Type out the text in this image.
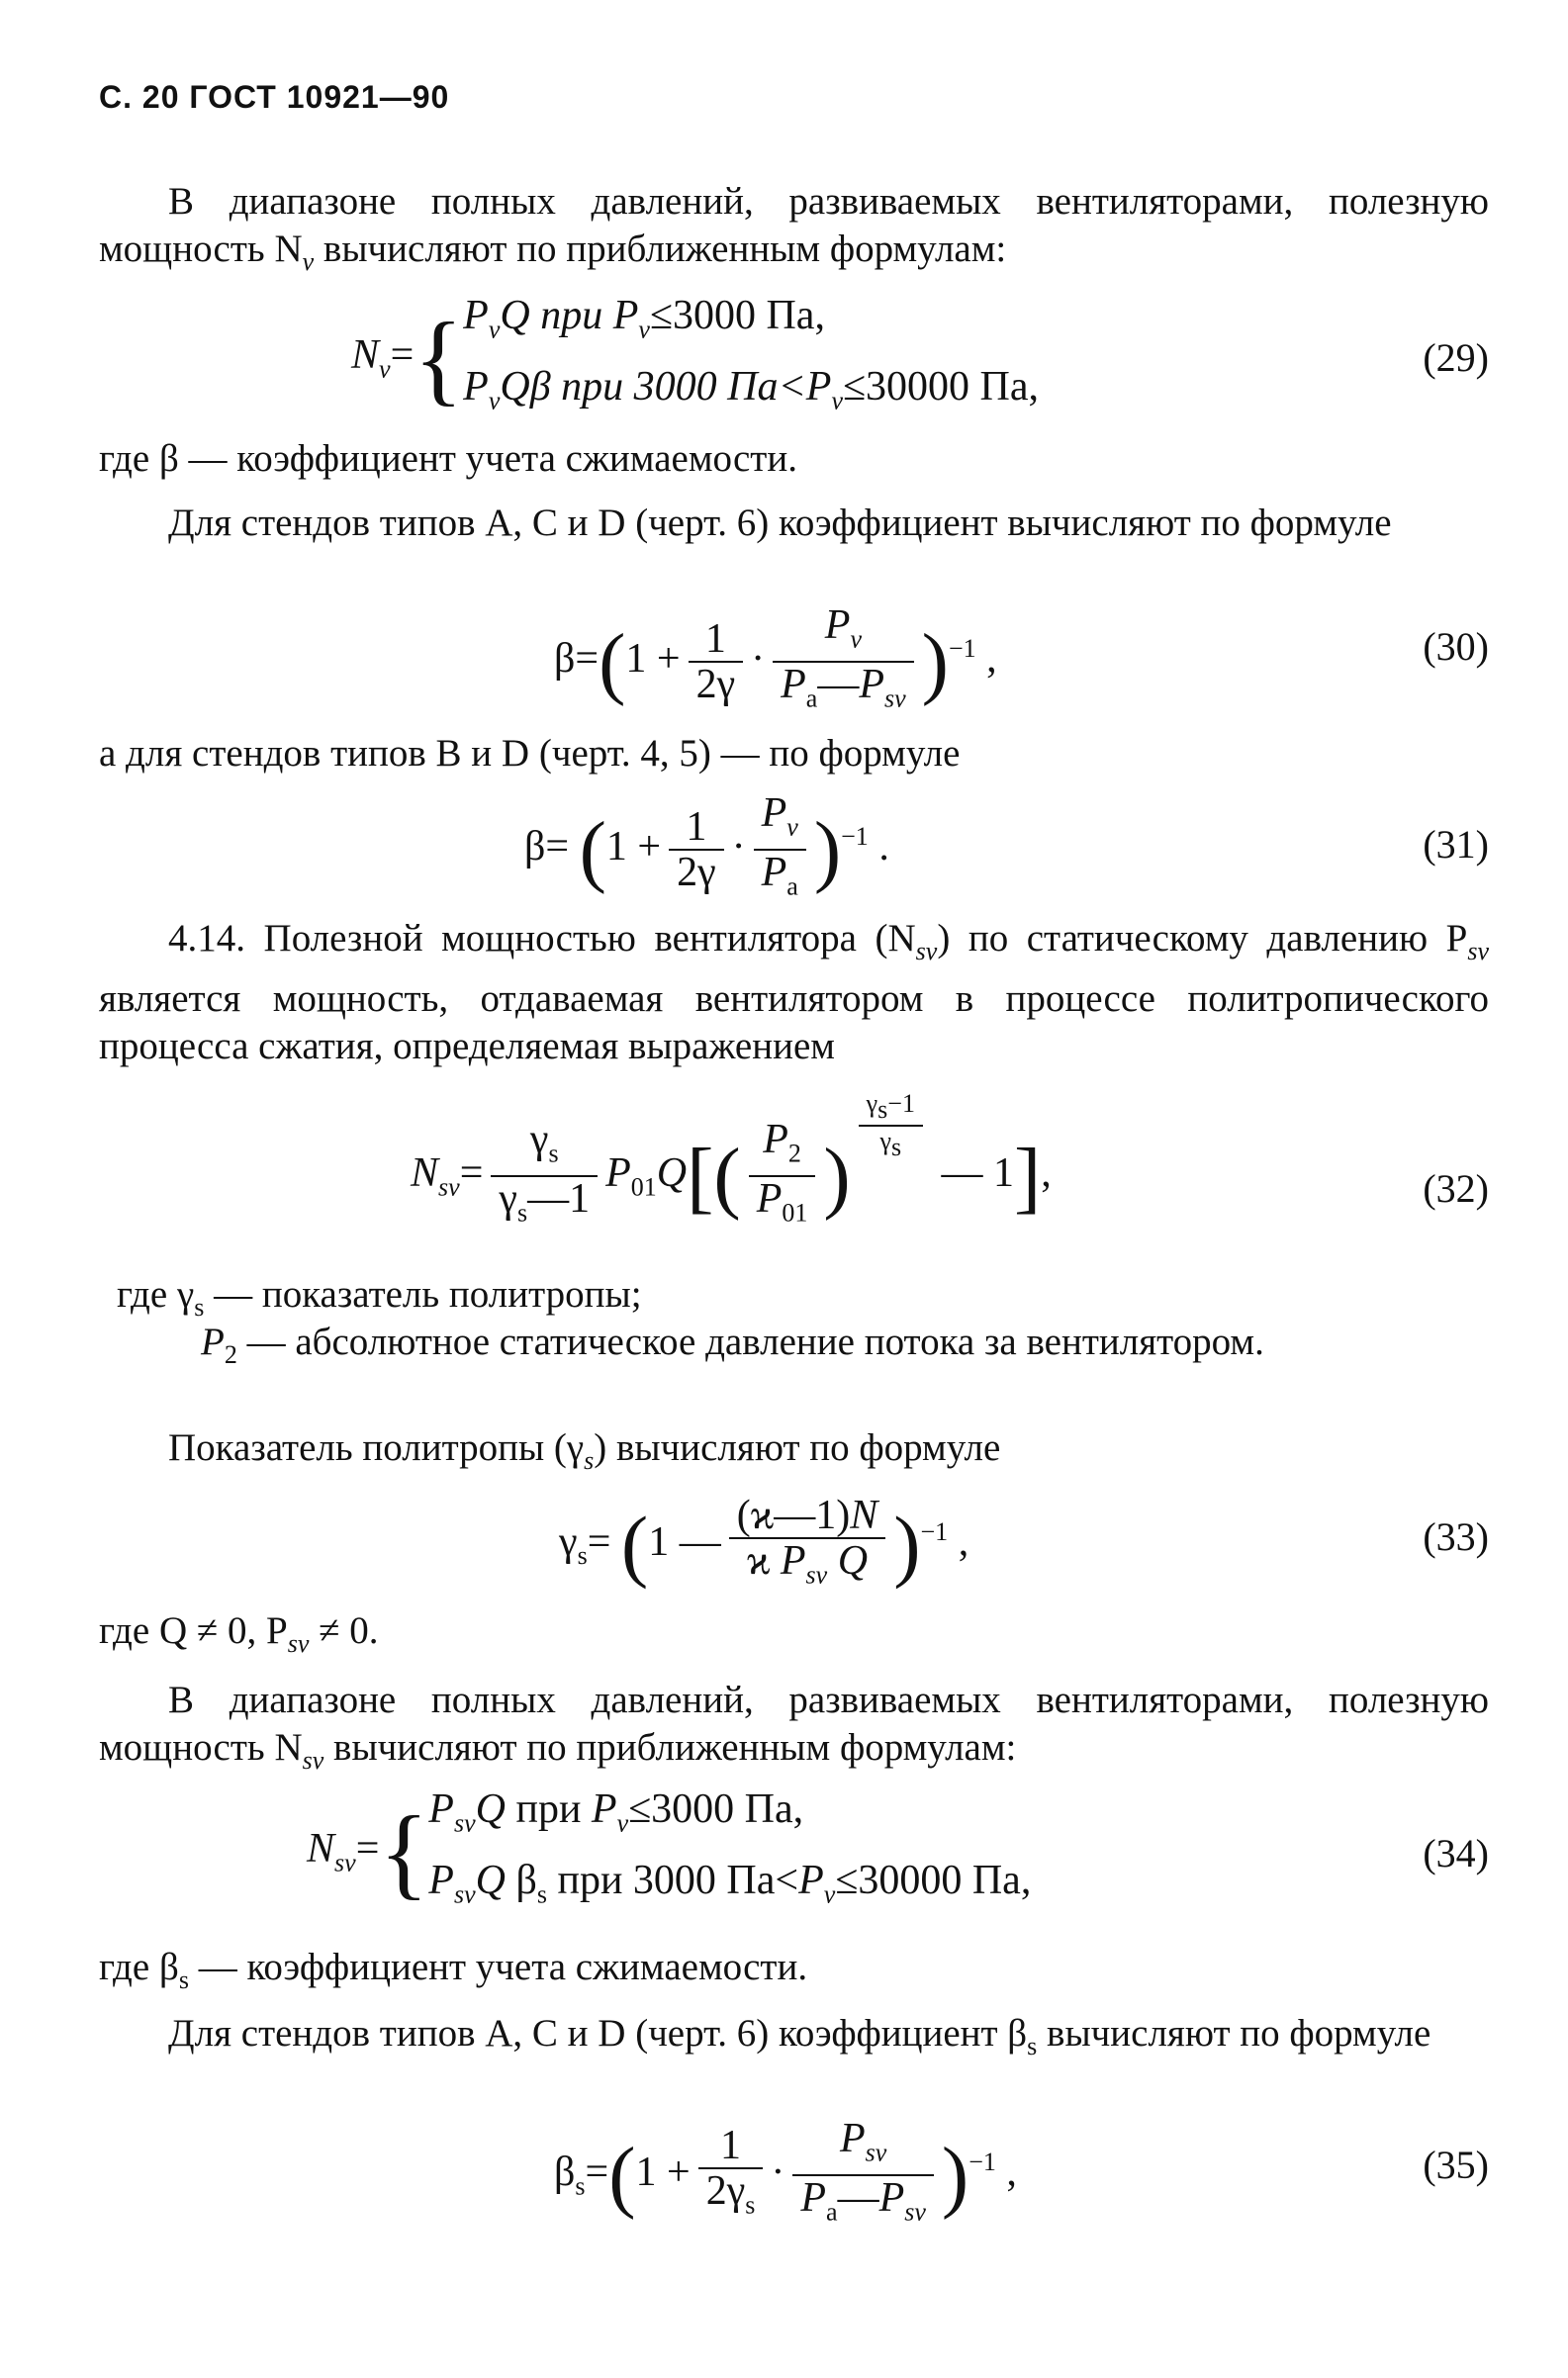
С. 20 ГОСТ 10921—90
В диапазоне полных давлений, развиваемых вентиляторами, полезную мощность $N_v$ вычисляют по приближенным формулам:
$N_v=\{P_vQ$ при $P_v\le 3000$ Па,
$P_vQ\beta$ при 3000 $Па<P_v\le 30000$ Па,
(29)
где β — коэффициент учета сжимаемости.
Для стендов типов А, С и D (черт. 6) коэффициент вычисляют по формуле
$\beta=(1 + \frac{1}{2\gamma} \cdot \frac{P_v}{P_a—P_{sv}} )^{-1}$ ,	(30)
а для стендов типов В и D (черт. 4, 5) — по формуле
$\beta= (1 + \frac{1}{2\gamma} \cdot \frac{P_v}{P_a} )^{-1}$ .	(31)
4.14. Полезной мощностью вентилятора $(N_{sv})$ по статическому давлению $P_{sv}$ является мощность, отдаваемая вентилятором в процессе политропического процесса сжатия, определяемая выражением
$N_{sv}= \frac{\gamma_s}{\gamma_s—1} P_{01}Q[( \frac{P_2}{P_{01}}$ )
$^{\frac{\gamma_s-1}{\gamma_s}}$
— 1],	(32)
где $\gamma_s$ — показатель политропы;
$P_2$ — абсолютное статическое давление потока за вентилятором.
Показатель политропы $(\gamma_s)$ вычисляют по формуле
$\gamma_s= (1$ — $\frac{(ϰ—1)N}{ϰ P_{sv} Q} )^{-1}$ ,	(33)
где Q ≠ 0, $P_{sv} \ne 0$.
В диапазоне полных давлений, развиваемых вентиляторами, полезную мощность $N_{sv}$ вычисляют по приближенным формулам:
$N_{sv}=\{P_{sv}Q$ при $P_v\le 3000$ Па,
$P_{sv}Q$ $\beta_s$ при 3000 $Па<P_v\le 30000$ Па,
(34)
где $\beta_s$ — коэффициент учета сжимаемости.
Для стендов типов А, С и D (черт. 6) коэффициент $\beta_s$ вычисляют по формуле
$\beta_s=(1 + \frac{1}{2\gamma_s} \cdot \frac{P_{sv}}{P_a—P_{sv}} )^{-1}$ ,	(35)
